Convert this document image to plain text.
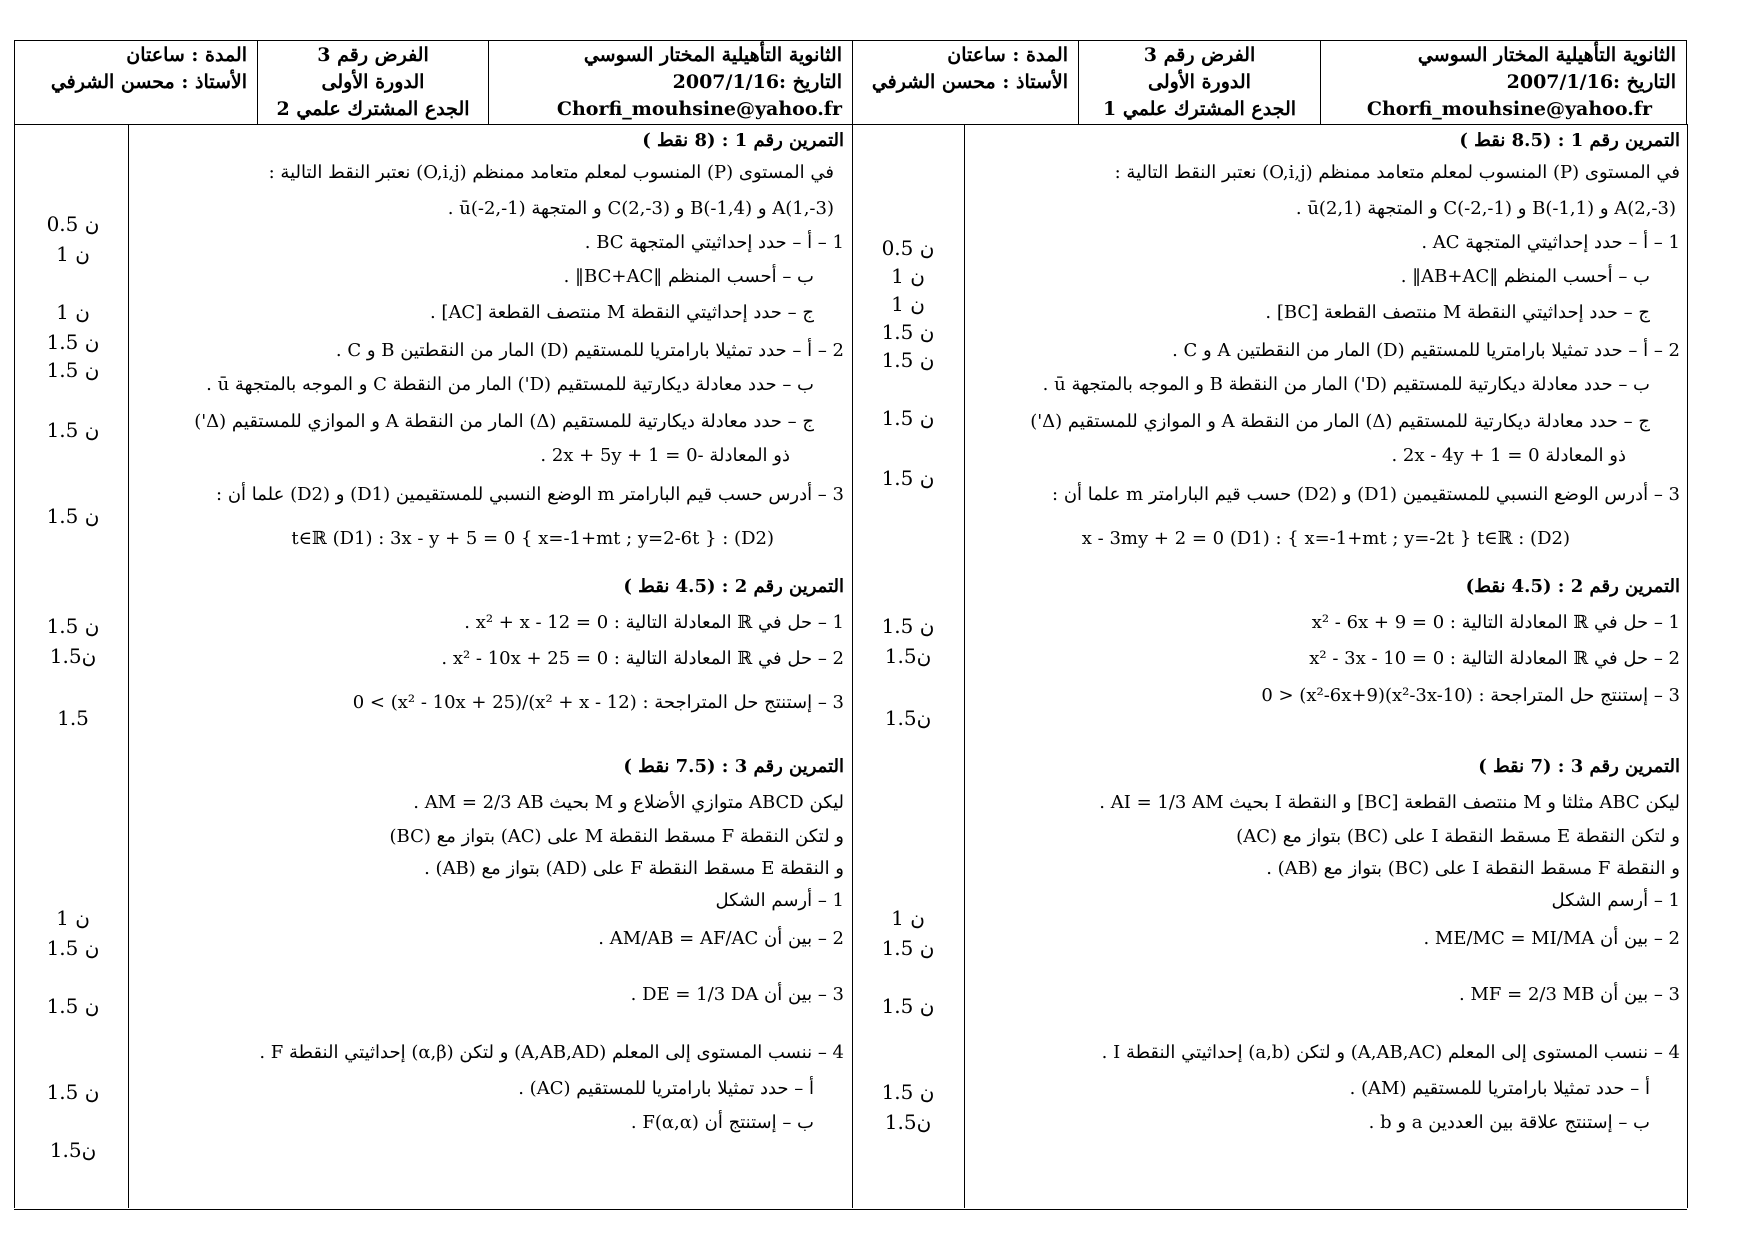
الثانوية التأهيلية المختار السوسي
التاريخ :2007/1/16
Chorfi_mouhsine@yahoo.fr
الفرض رقم 3
الدورة الأولى
الجدع المشترك علمي 1
المدة : ساعتان
الأستاذ : محسن الشرفي
الثانوية التأهيلية المختار السوسي
التاريخ :2007/1/16
Chorfi_mouhsine@yahoo.fr
الفرض رقم 3
الدورة الأولى
الجدع المشترك علمي 2
المدة : ساعتان
الأستاذ : محسن الشرفي
التمرين رقم 1 : (8.5 نقط )
في المستوى (P) المنسوب لمعلم متعامد ممنظم (O,i,j) نعتبر النقط التالية :
A(2,-3) و B(-1,1) و C(-2,-1) و المتجهة ū(2,1) .
1 – أ – حدد إحداثيتي المتجهة AC .
ب – أحسب المنظم ‖AB+AC‖ .
ج – حدد إحداثيتي النقطة M منتصف القطعة [BC] .
2 – أ – حدد تمثيلا بارامتريا للمستقيم (D) المار من النقطتين A و C .
ب – حدد معادلة ديكارتية للمستقيم (D') المار من النقطة B و الموجه بالمتجهة ū .
ج – حدد معادلة ديكارتية للمستقيم (Δ) المار من النقطة A و الموازي للمستقيم (Δ')
ذو المعادلة 2x - 4y + 1 = 0 .
3 – أدرس الوضع النسبي للمستقيمين (D1) و (D2) حسب قيم البارامتر m علما أن :
(D2) : x - 3my + 2 = 0 (D1) : { x=-1+mt ; y=-2t } t∈ℝ
التمرين رقم 2 : (4.5 نقط)
1 – حل في ℝ المعادلة التالية : x² - 6x + 9 = 0
2 – حل في ℝ المعادلة التالية : x² - 3x - 10 = 0
3 – إستنتج حل المتراجحة : (x²-3x-10)(x²-6x+9) < 0
التمرين رقم 3 : (7 نقط )
ليكن ABC مثلثا و M منتصف القطعة [BC] و النقطة I بحيث AI = 1/3 AM .
و لتكن النقطة E مسقط النقطة I على (BC) بتواز مع (AC)
و النقطة F مسقط النقطة I على (BC) بتواز مع (AB) .
1 – أرسم الشكل
2 – بين أن ME/MC = MI/MA .
3 – بين أن MF = 2/3 MB .
4 – ننسب المستوى إلى المعلم (A,AB,AC) و لتكن (a,b) إحداثيتي النقطة I .
أ – حدد تمثيلا بارامتريا للمستقيم (AM) .
ب – إستنتج علاقة بين العددين a و b .
0.5 ن
1 ن
1 ن
1.5 ن
1.5 ن
1.5 ن
1.5 ن
1.5 ن
1.5ن
1.5ن
1 ن
1.5 ن
1.5 ن
1.5 ن
1.5ن
التمرين رقم 1 : (8 نقط )
في المستوى (P) المنسوب لمعلم متعامد ممنظم (O,i,j) نعتبر النقط التالية :
A(1,-3) و B(-1,4) و C(2,-3) و المتجهة ū(-2,-1) .
1 – أ – حدد إحداثيتي المتجهة BC .
ب – أحسب المنظم ‖BC+AC‖ .
ج – حدد إحداثيتي النقطة M منتصف القطعة [AC] .
2 – أ – حدد تمثيلا بارامتريا للمستقيم (D) المار من النقطتين B و C .
ب – حدد معادلة ديكارتية للمستقيم (D') المار من النقطة C و الموجه بالمتجهة ū .
ج – حدد معادلة ديكارتية للمستقيم (Δ) المار من النقطة A و الموازي للمستقيم (Δ')
ذو المعادلة -2x + 5y + 1 = 0 .
3 – أدرس حسب قيم البارامتر m الوضع النسبي للمستقيمين (D1) و (D2) علما أن :
(D2) : { x=-1+mt ; y=2-6t } t∈ℝ (D1) : 3x - y + 5 = 0
التمرين رقم 2 : (4.5 نقط )
1 – حل في ℝ المعادلة التالية : x² + x - 12 = 0 .
2 – حل في ℝ المعادلة التالية : x² - 10x + 25 = 0 .
3 – إستنتج حل المتراجحة : (x² + x - 12)/(x² - 10x + 25) > 0
التمرين رقم 3 : (7.5 نقط )
ليكن ABCD متوازي الأضلاع و M بحيث AM = 2/3 AB .
و لتكن النقطة F مسقط النقطة M على (AC) بتواز مع (BC)
و النقطة E مسقط النقطة F على (AD) بتواز مع (AB) .
1 – أرسم الشكل
2 – بين أن AM/AB = AF/AC .
3 – بين أن DE = 1/3 DA .
4 – ننسب المستوى إلى المعلم (A,AB,AD) و لتكن (α,β) إحداثيتي النقطة F .
أ – حدد تمثيلا بارامتريا للمستقيم (AC) .
ب – إستنتج أن F(α,α) .
0.5 ن
1 ن
1 ن
1.5 ن
1.5 ن
1.5 ن
1.5 ن
1.5 ن
1.5ن
1.5
1 ن
1.5 ن
1.5 ن
1.5 ن
1.5ن
